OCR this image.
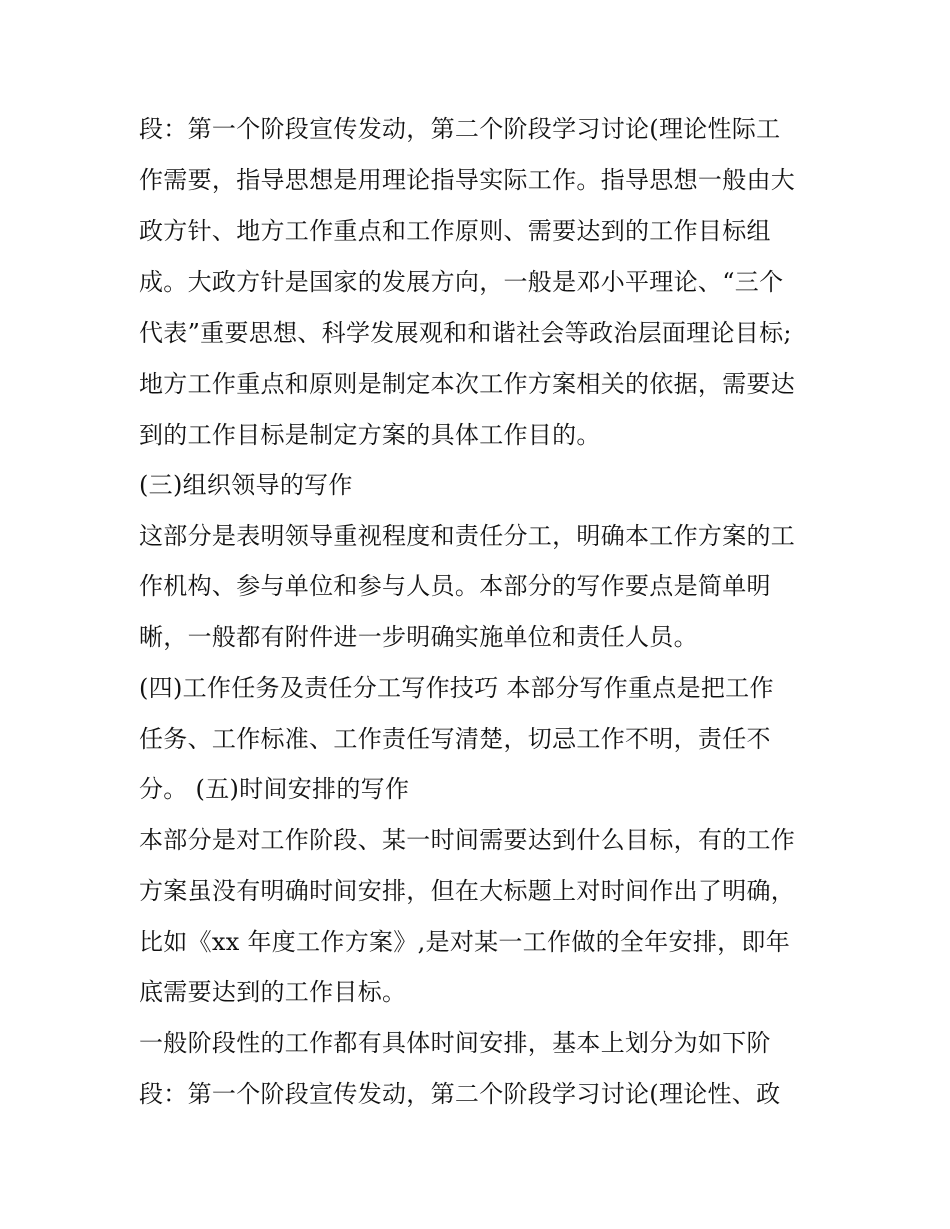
段：第一个阶段宣传发动，第二个阶段学习讨论(理论性际工
作需要，指导思想是用理论指导实际工作。指导思想一般由大
政方针、地方工作重点和工作原则、需要达到的工作目标组
成。大政方针是国家的发展方向，一般是邓小平理论、“三个
代表”重要思想、科学发展观和和谐社会等政治层面理论目标;
地方工作重点和原则是制定本次工作方案相关的依据，需要达
到的工作目标是制定方案的具体工作目的。
(三)组织领导的写作
这部分是表明领导重视程度和责任分工，明确本工作方案的工
作机构、参与单位和参与人员。本部分的写作要点是简单明
晰，一般都有附件进一步明确实施单位和责任人员。
(四)工作任务及责任分工写作技巧 本部分写作重点是把工作
任务、工作标准、工作责任写清楚，切忌工作不明，责任不
分。 (五)时间安排的写作
本部分是对工作阶段、某一时间需要达到什么目标，有的工作
方案虽没有明确时间安排，但在大标题上对时间作出了明确，
比如《xx 年度工作方案》,是对某一工作做的全年安排，即年
底需要达到的工作目标。
一般阶段性的工作都有具体时间安排，基本上划分为如下阶
段：第一个阶段宣传发动，第二个阶段学习讨论(理论性、政
